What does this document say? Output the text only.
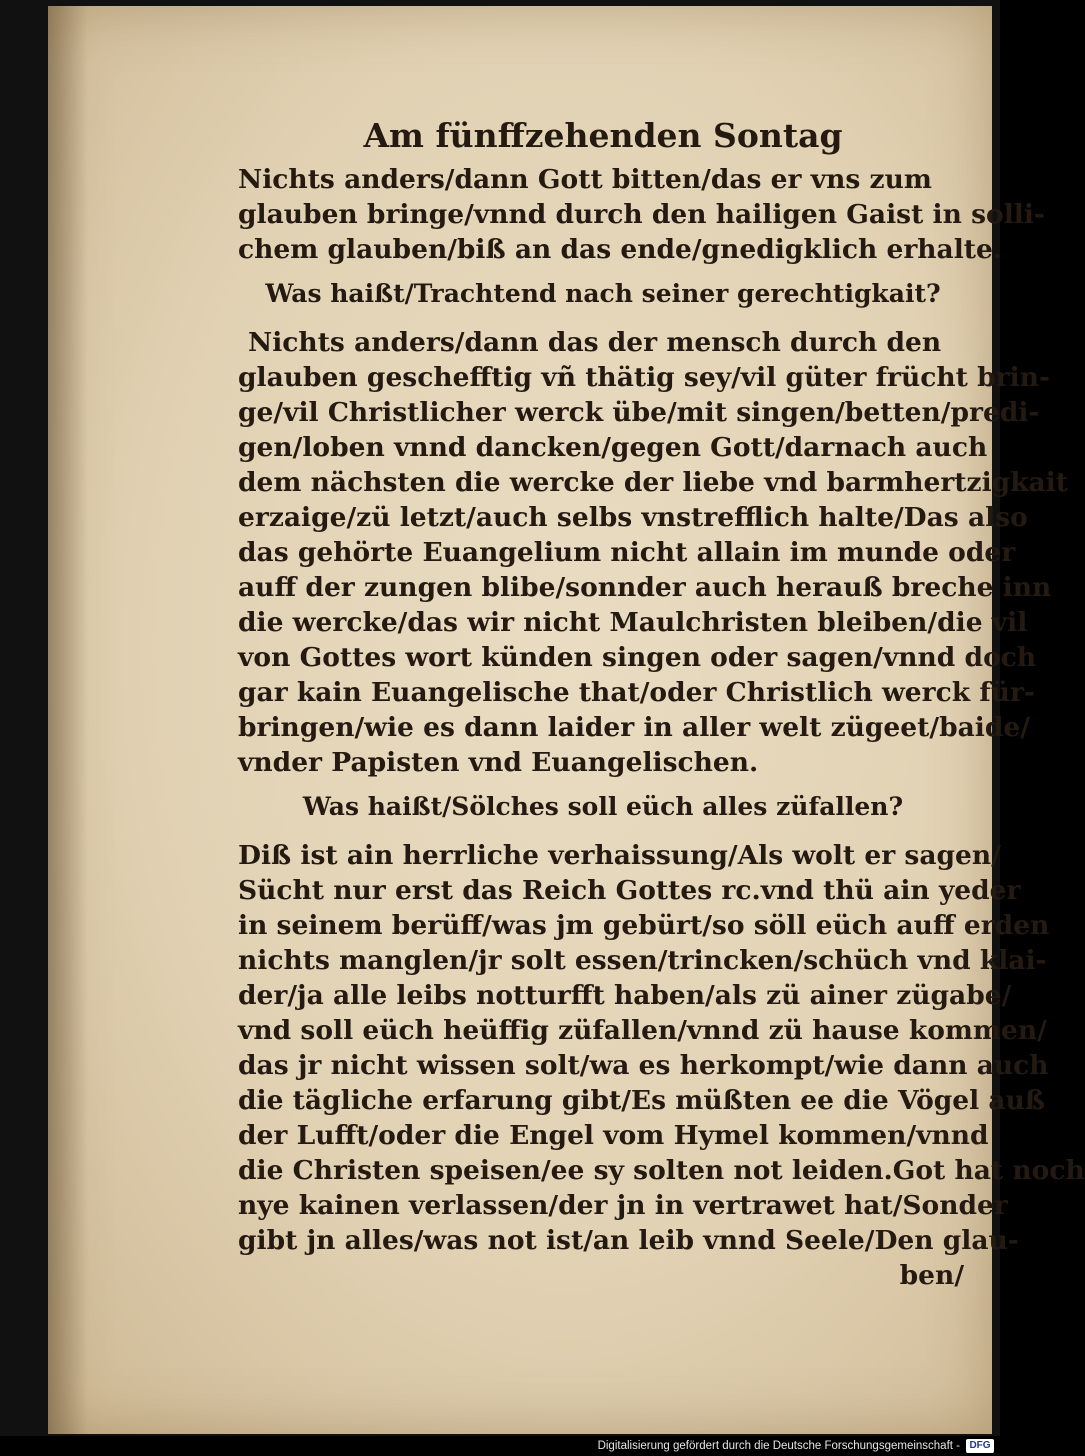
Am fünffzehenden Sontag
Nichts anders/dann Gott bitten/das er vns zum
glauben bringe/vnnd durch den hailigen Gaist in solli-
chem glauben/biß an das ende/gnedigklich erhalte.
Was haißt/Trachtend nach seiner gerechtigkait?
Nichts anders/dann das der mensch durch den
glauben geschefftig vñ thätig sey/vil güter frücht brin-
ge/vil Christlicher werck übe/mit singen/betten/predi-
gen/loben vnnd dancken/gegen Gott/darnach auch
dem nächsten die wercke der liebe vnd barmhertzigkait
erzaige/zü letzt/auch selbs vnstrefflich halte/Das also
das gehörte Euangelium nicht allain im munde oder
auff der zungen blibe/sonnder auch herauß breche inn
die wercke/das wir nicht Maulchristen bleiben/die vil
von Gottes wort künden singen oder sagen/vnnd doch
gar kain Euangelische that/oder Christlich werck für-
bringen/wie es dann laider in aller welt zügeet/baide/
vnder Papisten vnd Euangelischen.
Was haißt/Sölches soll eüch alles züfallen?
Diß ist ain herrliche verhaissung/Als wolt er sagen/
Sücht nur erst das Reich Gottes rc.vnd thü ain yeder
in seinem berüff/was jm gebürt/so söll eüch auff erden
nichts manglen/jr solt essen/trincken/schüch vnd klai-
der/ja alle leibs notturfft haben/als zü ainer zügabe/
vnd soll eüch heüffig züfallen/vnnd zü hause kommen/
das jr nicht wissen solt/wa es herkompt/wie dann auch
die tägliche erfarung gibt/Es müßten ee die Vögel auß
der Lufft/oder die Engel vom Hymel kommen/vnnd
die Christen speisen/ee sy solten not leiden.Got hat noch
nye kainen verlassen/der jn in vertrawet hat/Sonder
gibt jn alles/was not ist/an leib vnnd Seele/Den glau-
ben/
Digitalisierung gefördert durch die Deutsche Forschungsgemeinschaft - DFG
